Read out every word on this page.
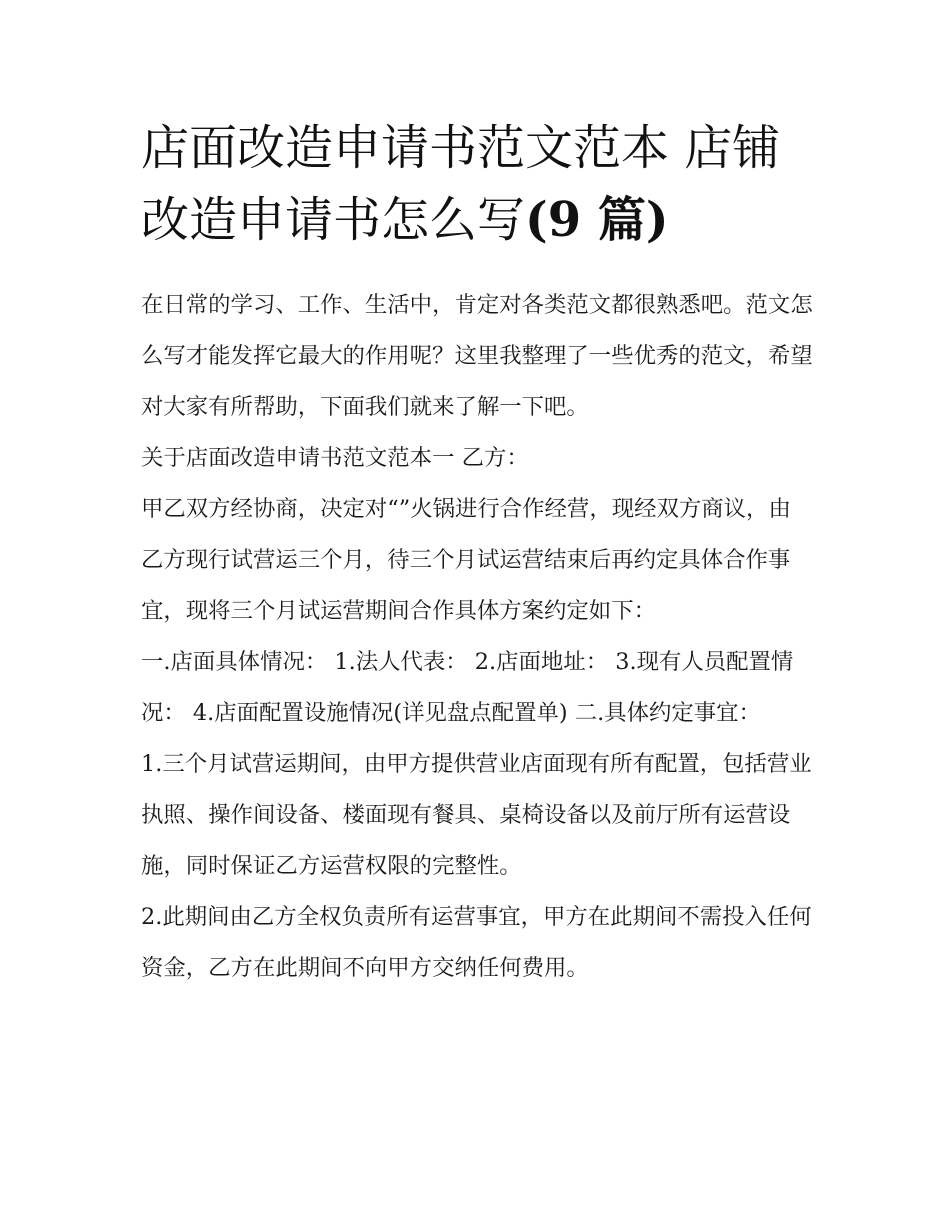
店面改造申请书范文范本 店铺改造申请书怎么写(9 篇)

在日常的学习、工作、生活中，肯定对各类范文都很熟悉吧。范文怎么写才能发挥它最大的作用呢？这里我整理了一些优秀的范文，希望对大家有所帮助，下面我们就来了解一下吧。

关于店面改造申请书范文范本一 乙方：

甲乙双方经协商，决定对“”火锅进行合作经营，现经双方商议，由乙方现行试营运三个月，待三个月试运营结束后再约定具体合作事宜，现将三个月试运营期间合作具体方案约定如下：

一.店面具体情况： 1.法人代表： 2.店面地址： 3.现有人员配置情况： 4.店面配置设施情况(详见盘点配置单) 二.具体约定事宜：

1.三个月试营运期间，由甲方提供营业店面现有所有配置，包括营业执照、操作间设备、楼面现有餐具、桌椅设备以及前厅所有运营设施，同时保证乙方运营权限的完整性。

2.此期间由乙方全权负责所有运营事宜，甲方在此期间不需投入任何资金，乙方在此期间不向甲方交纳任何费用。
